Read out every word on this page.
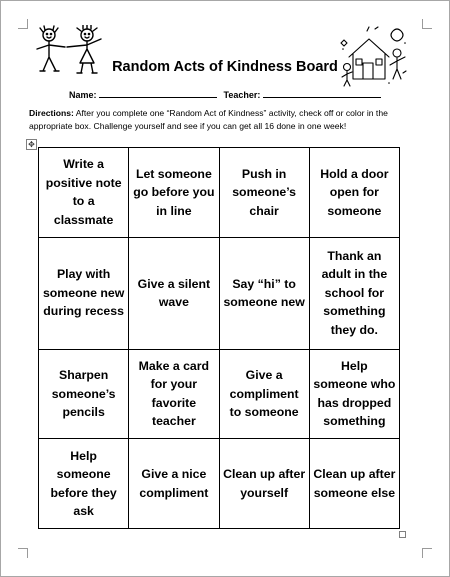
Random Acts of Kindness Board
Name:	Teacher:
Directions: After you complete one “Random Act of Kindness” activity, check off or color in the appropriate box. Challenge yourself and see if you can get all 16 done in one week!
✥
Write a positive note to a classmate	Let someone go before you in line	Push in someone’s chair	Hold a door open for someone
Play with someone new during recess	Give a silent wave	Say “hi” to someone new	Thank an adult in the school for something they do.
Sharpen someone’s pencils	Make a card for your favorite teacher	Give a compliment to someone	Help someone who has dropped something
Help someone before they ask	Give a nice compliment	Clean up after yourself	Clean up after someone else
